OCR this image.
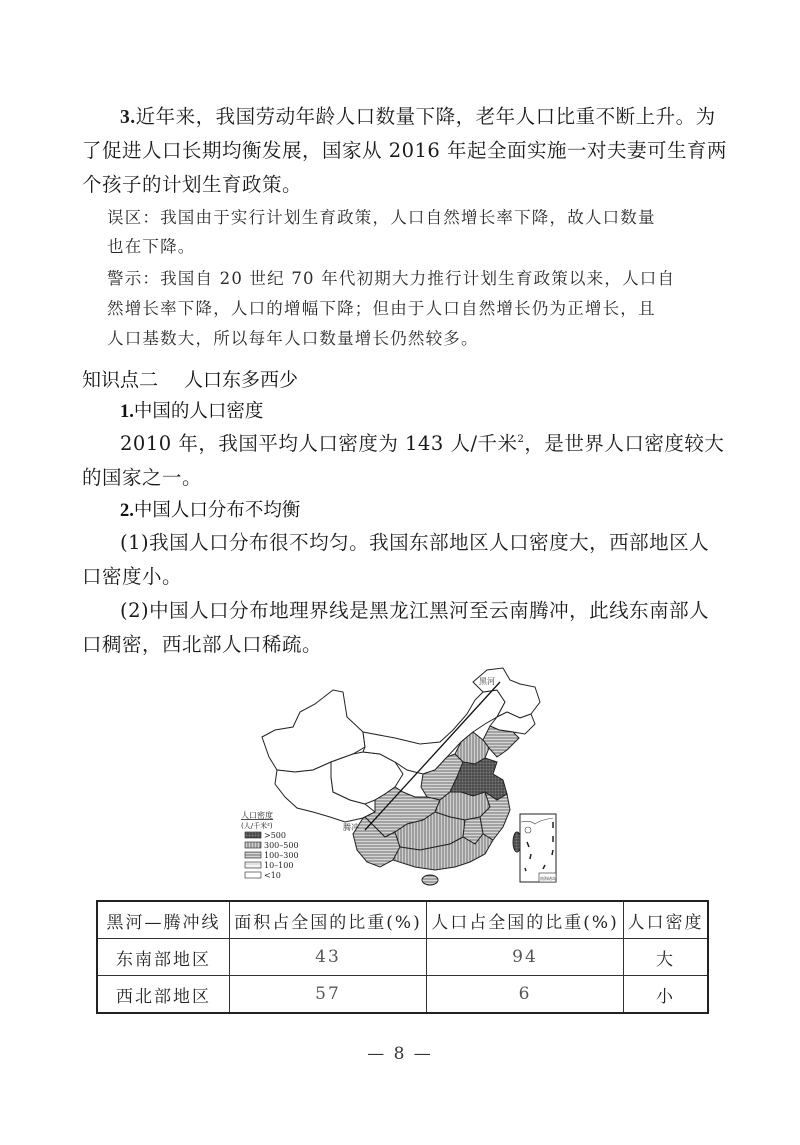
3.近年来，我国劳动年龄人口数量下降，老年人口比重不断上升。为
了促进人口长期均衡发展，国家从 2016 年起全面实施一对夫妻可生育两
个孩子的计划生育政策。
误区：我国由于实行计划生育政策，人口自然增长率下降，故人口数量
也在下降。
警示：我国自 20 世纪 70 年代初期大力推行计划生育政策以来，人口自
然增长率下降，人口的增幅下降；但由于人口自然增长仍为正增长，且
人口基数大，所以每年人口数量增长仍然较多。
知识点二 人口东多西少
1.中国的人口密度
2010 年，我国平均人口密度为 143 人/千米$^2$，是世界人口密度较大
的国家之一。
2.中国人口分布不均衡
(1)我国人口分布很不均匀。我国东部地区人口密度大，西部地区人
口密度小。
(2)中国人口分布地理界线是黑龙江黑河至云南腾冲，此线东南部人
口稠密，西北部人口稀疏。
黑河
腾冲
人口密度
(人/千米²)
>500
300–500
100–300
10–100
<10	南海诸岛
黑河—腾冲线	面积占全国的比重(%)	人口占全国的比重(%)	人口密度
东南部地区	43	94	大
西北部地区	57	6	小
— 8 —
